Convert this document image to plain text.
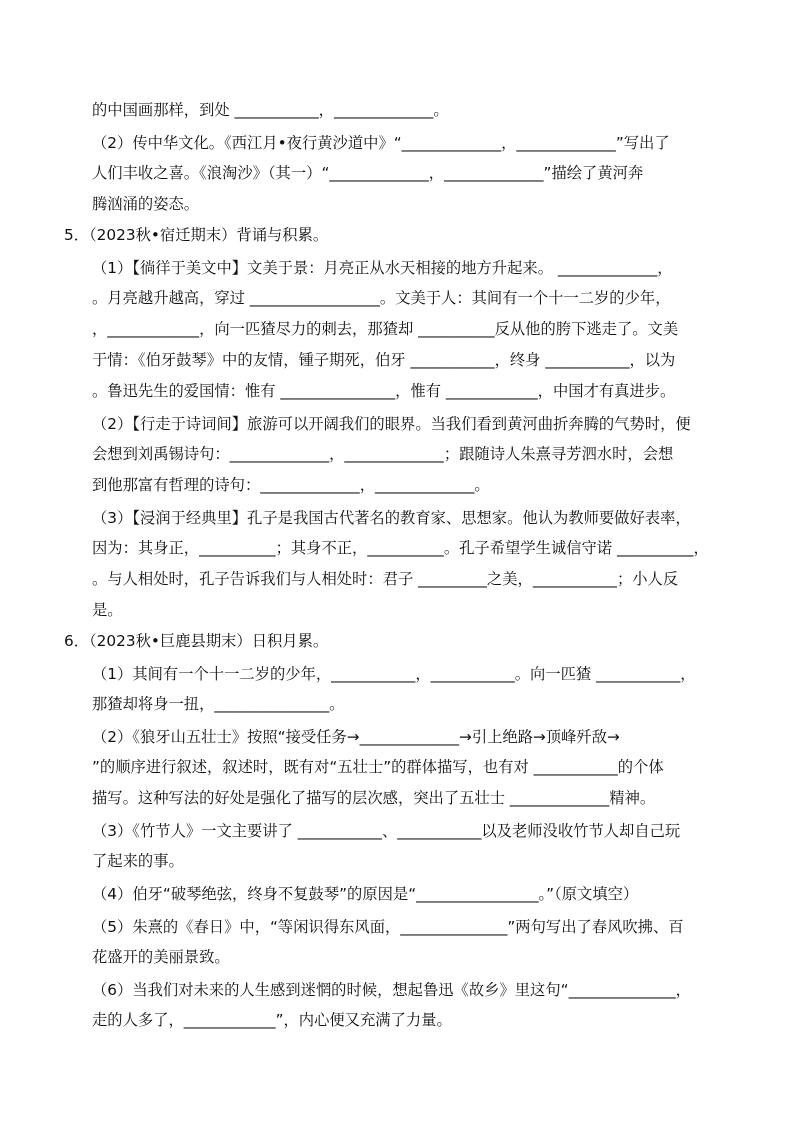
的中国画那样，到处 ___________，_____________。
（2）传中华文化。《西江月•夜行黄沙道中》“_____________，_____________”写出了
人们丰收之喜。《浪淘沙》（其一）“_____________，_____________”描绘了黄河奔
腾汹涌的姿态。
5．（2023秋•宿迁期末）背诵与积累。
（1）【徜徉于美文中】文美于景：月亮正从水天相接的地方升起来。 _____________，
。月亮越升越高，穿过 _________________。文美于人：其间有一个十一二岁的少年，
，____________，向一匹猹尽力的刺去，那猹却 __________反从他的胯下逃走了。文美
于情：《伯牙鼓琴》中的友情，锺子期死，伯牙 ___________，终身 ___________，以为
。鲁迅先生的爱国情：惟有 _______________，惟有 ____________，中国才有真进步。
（2）【行走于诗词间】旅游可以开阔我们的眼界。当我们看到黄河曲折奔腾的气势时，便
会想到刘禹锡诗句：_____________，_____________；跟随诗人朱熹寻芳泗水时，会想
到他那富有哲理的诗句：_____________，_____________。
（3）【浸润于经典里】孔子是我国古代著名的教育家、思想家。他认为教师要做好表率，
因为：其身正，__________；其身不正，__________。孔子希望学生诚信守诺 __________，
。与人相处时，孔子告诉我们与人相处时：君子 _________之美，___________；小人反
是。
6．（2023秋•巨鹿县期末）日积月累。
（1）其间有一个十一二岁的少年，___________，___________。向一匹猹 ___________，
那猹却将身一扭，_______________。
（2）《狼牙山五壮士》按照“接受任务→_____________→引上绝路→顶峰歼敌→
”的顺序进行叙述，叙述时，既有对“五壮士”的群体描写，也有对 ___________的个体
描写。这种写法的好处是强化了描写的层次感，突出了五壮士 _____________精神。
（3）《竹节人》一文主要讲了 ___________、___________以及老师没收竹节人却自己玩
了起来的事。
（4）伯牙“破琴绝弦，终身不复鼓琴”的原因是“________________。”（原文填空）
（5）朱熹的《春日》中，“等闲识得东风面，______________”两句写出了春风吹拂、百
花盛开的美丽景致。
（6）当我们对未来的人生感到迷惘的时候，想起鲁迅《故乡》里这句“______________，
走的人多了，____________”，内心便又充满了力量。
